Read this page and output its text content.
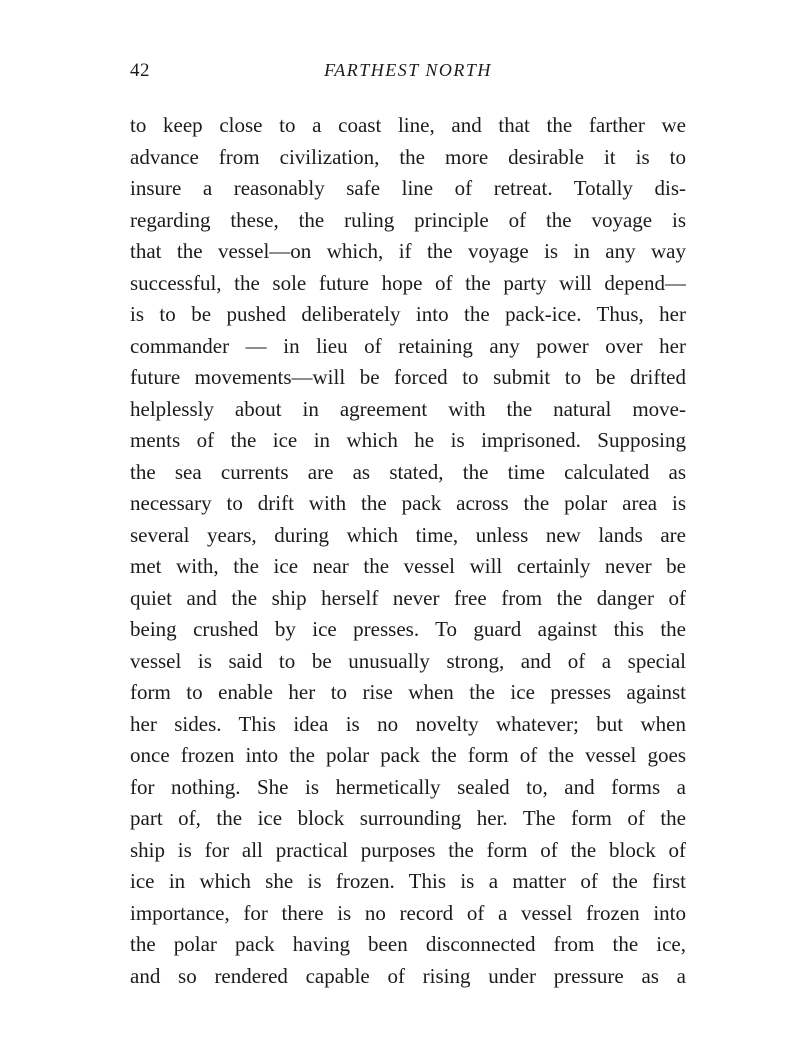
42	FARTHEST NORTH
to keep close to a coast line, and that the farther we
advance from civilization, the more desirable it is to
insure a reasonably safe line of retreat. Totally dis-
regarding these, the ruling principle of the voyage is
that the vessel—on which, if the voyage is in any way
successful, the sole future hope of the party will depend—
is to be pushed deliberately into the pack-ice. Thus, her
commander — in lieu of retaining any power over her
future movements—will be forced to submit to be drifted
helplessly about in agreement with the natural move-
ments of the ice in which he is imprisoned. Supposing
the sea currents are as stated, the time calculated as
necessary to drift with the pack across the polar area is
several years, during which time, unless new lands are
met with, the ice near the vessel will certainly never be
quiet and the ship herself never free from the danger of
being crushed by ice presses. To guard against this the
vessel is said to be unusually strong, and of a special
form to enable her to rise when the ice presses against
her sides. This idea is no novelty whatever; but when
once frozen into the polar pack the form of the vessel goes
for nothing. She is hermetically sealed to, and forms a
part of, the ice block surrounding her. The form of the
ship is for all practical purposes the form of the block of
ice in which she is frozen. This is a matter of the first
importance, for there is no record of a vessel frozen into
the polar pack having been disconnected from the ice,
and so rendered capable of rising under pressure as a
